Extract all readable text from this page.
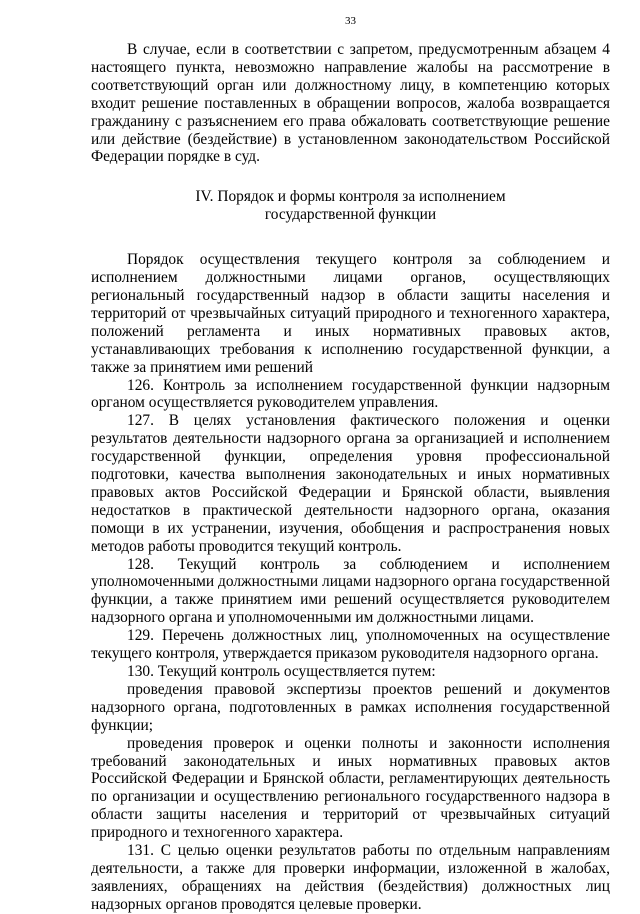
33

В случае, если в соответствии с запретом, предусмотренным абзацем 4 настоящего пункта, невозможно направление жалобы на рассмотрение в соответствующий орган или должностному лицу, в компетенцию которых входит решение поставленных в обращении вопросов, жалоба возвращается гражданину с разъяснением его права обжаловать соответствующие решение или действие (бездействие) в установленном законодательством Российской Федерации порядке в суд.

IV. Порядок и формы контроля за исполнением

государственной функции

Порядок осуществления текущего контроля за соблюдением и исполнением должностными лицами органов, осуществляющих региональный государственный надзор в области защиты населения и территорий от чрезвычайных ситуаций природного и техногенного характера, положений регламента и иных нормативных правовых актов, устанавливающих требования к исполнению государственной функции, а также за принятием ими решений

126. Контроль за исполнением государственной функции надзорным органом осуществляется руководителем управления.

127. В целях установления фактического положения и оценки результатов деятельности надзорного органа за организацией и исполнением государственной функции, определения уровня профессиональной подготовки, качества выполнения законодательных и иных нормативных правовых актов Российской Федерации и Брянской области, выявления недостатков в практической деятельности надзорного органа, оказания помощи в их устранении, изучения, обобщения и распространения новых методов работы проводится текущий контроль.

128. Текущий контроль за соблюдением и исполнением уполномоченными должностными лицами надзорного органа государственной функции, а также принятием ими решений осуществляется руководителем надзорного органа и уполномоченными им должностными лицами.

129. Перечень должностных лиц, уполномоченных на осуществление текущего контроля, утверждается приказом руководителя надзорного органа.

130. Текущий контроль осуществляется путем:

проведения правовой экспертизы проектов решений и документов надзорного органа, подготовленных в рамках исполнения государственной функции;

проведения проверок и оценки полноты и законности исполнения требований законодательных и иных нормативных правовых актов Российской Федерации и Брянской области, регламентирующих деятельность по организации и осуществлению регионального государственного надзора в области защиты населения и территорий от чрезвычайных ситуаций природного и техногенного характера.

131. С целью оценки результатов работы по отдельным направлениям деятельности, а также для проверки информации, изложенной в жалобах, заявлениях, обращениях на действия (бездействия) должностных лиц надзорных органов проводятся целевые проверки.
